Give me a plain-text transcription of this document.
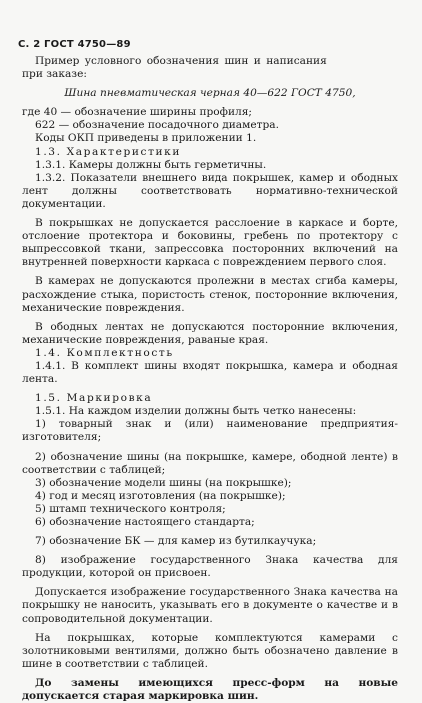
С. 2 ГОСТ 4750—89

Пример условного обозначения шин и написания

при заказе:

Шина пневматическая черная 40—622 ГОСТ 4750,

где 40 — обозначение ширины профиля;

622 — обозначение посадочного диаметра.

Коды ОКП приведены в приложении 1.

1.3. Характеристики

1.3.1. Камеры должны быть герметичны.

1.3.2. Показатели внешнего вида покрышек, камер и ободных лент должны соответствовать нормативно-технической документации.

В покрышках не допускается расслоение в каркасе и борте, отслоение протектора и боковины, гребень по протектору с выпрессовкой ткани, запрессовка посторонних включений на внутренней поверхности каркаса с повреждением первого слоя.

В камерах не допускаются пролежни в местах сгиба камеры, расхождение стыка, пористость стенок, посторонние включения, механические повреждения.

В ободных лентах не допускаются посторонние включения, механические повреждения, раваные края.

1.4. Комплектность

1.4.1. В комплект шины входят покрышка, камера и ободная лента.

1.5. Маркировка

1.5.1. На каждом изделии должны быть четко нанесены:

1) товарный знак и (или) наименование предприятия-изготовителя;

2) обозначение шины (на покрышке, камере, ободной ленте) в соответствии с таблицей;

3) обозначение модели шины (на покрышке);

4) год и месяц изготовления (на покрышке);

5) штамп технического контроля;

6) обозначение настоящего стандарта;

7) обозначение БК — для камер из бутилкаучука;

8) изображение государственного Знака качества для продукции, которой он присвоен.

Допускается изображение государственного Знака качества на покрышку не наносить, указывать его в документе о качестве и в сопроводительной документации.

На покрышках, которые комплектуются камерами с золотниковыми вентилями, должно быть обозначено давление в шине в соответствии с таблицей.

До замены имеющихся пресс-форм на новые допускается старая маркировка шин.
